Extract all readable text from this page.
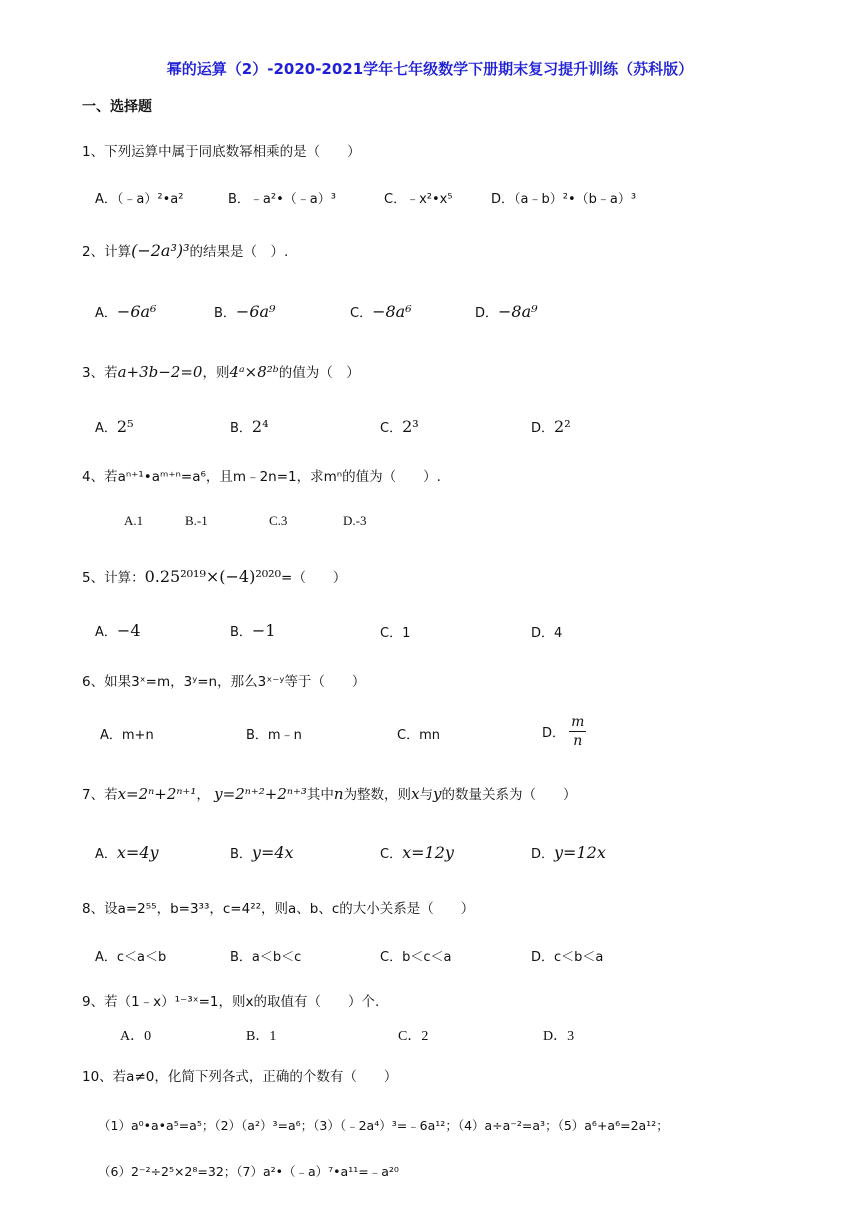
幂的运算（2）-2020-2021学年七年级数学下册期末复习提升训练（苏科版）
一、选择题
1、下列运算中属于同底数幂相乘的是（　　）
A．（﹣a）²•a²	B．﹣a²•（﹣a）³	C．﹣x²•x⁵	D．（a﹣b）²•（b﹣a）³
2、计算(−2a³)³的结果是（　）.
A．−6a⁶	B．−6a⁹	C．−8a⁶	D．−8a⁹
3、若a+3b−2=0，则4ᵃ×8²ᵇ的值为（　）
A．2⁵	B．2⁴	C．2³	D．2²
4、若aⁿ⁺¹•aᵐ⁺ⁿ=a⁶，且m﹣2n=1，求mⁿ的值为（　　）.
A.1	B.-1	C.3	D.-3
5、计算：0.25²⁰¹⁹×(−4)²⁰²⁰=（　　）
A．−4	B．−1	C．1	D．4
6、如果3ˣ=m，3ʸ=n，那么3ˣ⁻ʸ等于（　　）
A．m+n	B．m﹣n	C．mn	D． $\frac{m}{n}$
7、若x=2ⁿ+2ⁿ⁺¹， y=2ⁿ⁺²+2ⁿ⁺³其中n为整数，则x与y的数量关系为（　　）
A．x=4y	B．y=4x	C．x=12y	D．y=12x
8、设a=2⁵⁵，b=3³³，c=4²²，则a、b、c的大小关系是（　　）
A．c＜a＜b	B．a＜b＜c	C．b＜c＜a	D．c＜b＜a
9、若（1﹣x）¹⁻³ˣ=1，则x的取值有（　　）个.
A．0	B．1	C．2	D．3
10、若a≠0，化简下列各式，正确的个数有（　　）
（1）a⁰•a•a⁵=a⁵；（2）（a²）³=a⁶；（3）（﹣2a⁴）³=﹣6a¹²；（4）a÷a⁻²=a³；（5）a⁶+a⁶=2a¹²；
（6）2⁻²÷2⁵×2⁸=32；（7）a²•（﹣a）⁷•a¹¹=﹣a²⁰
